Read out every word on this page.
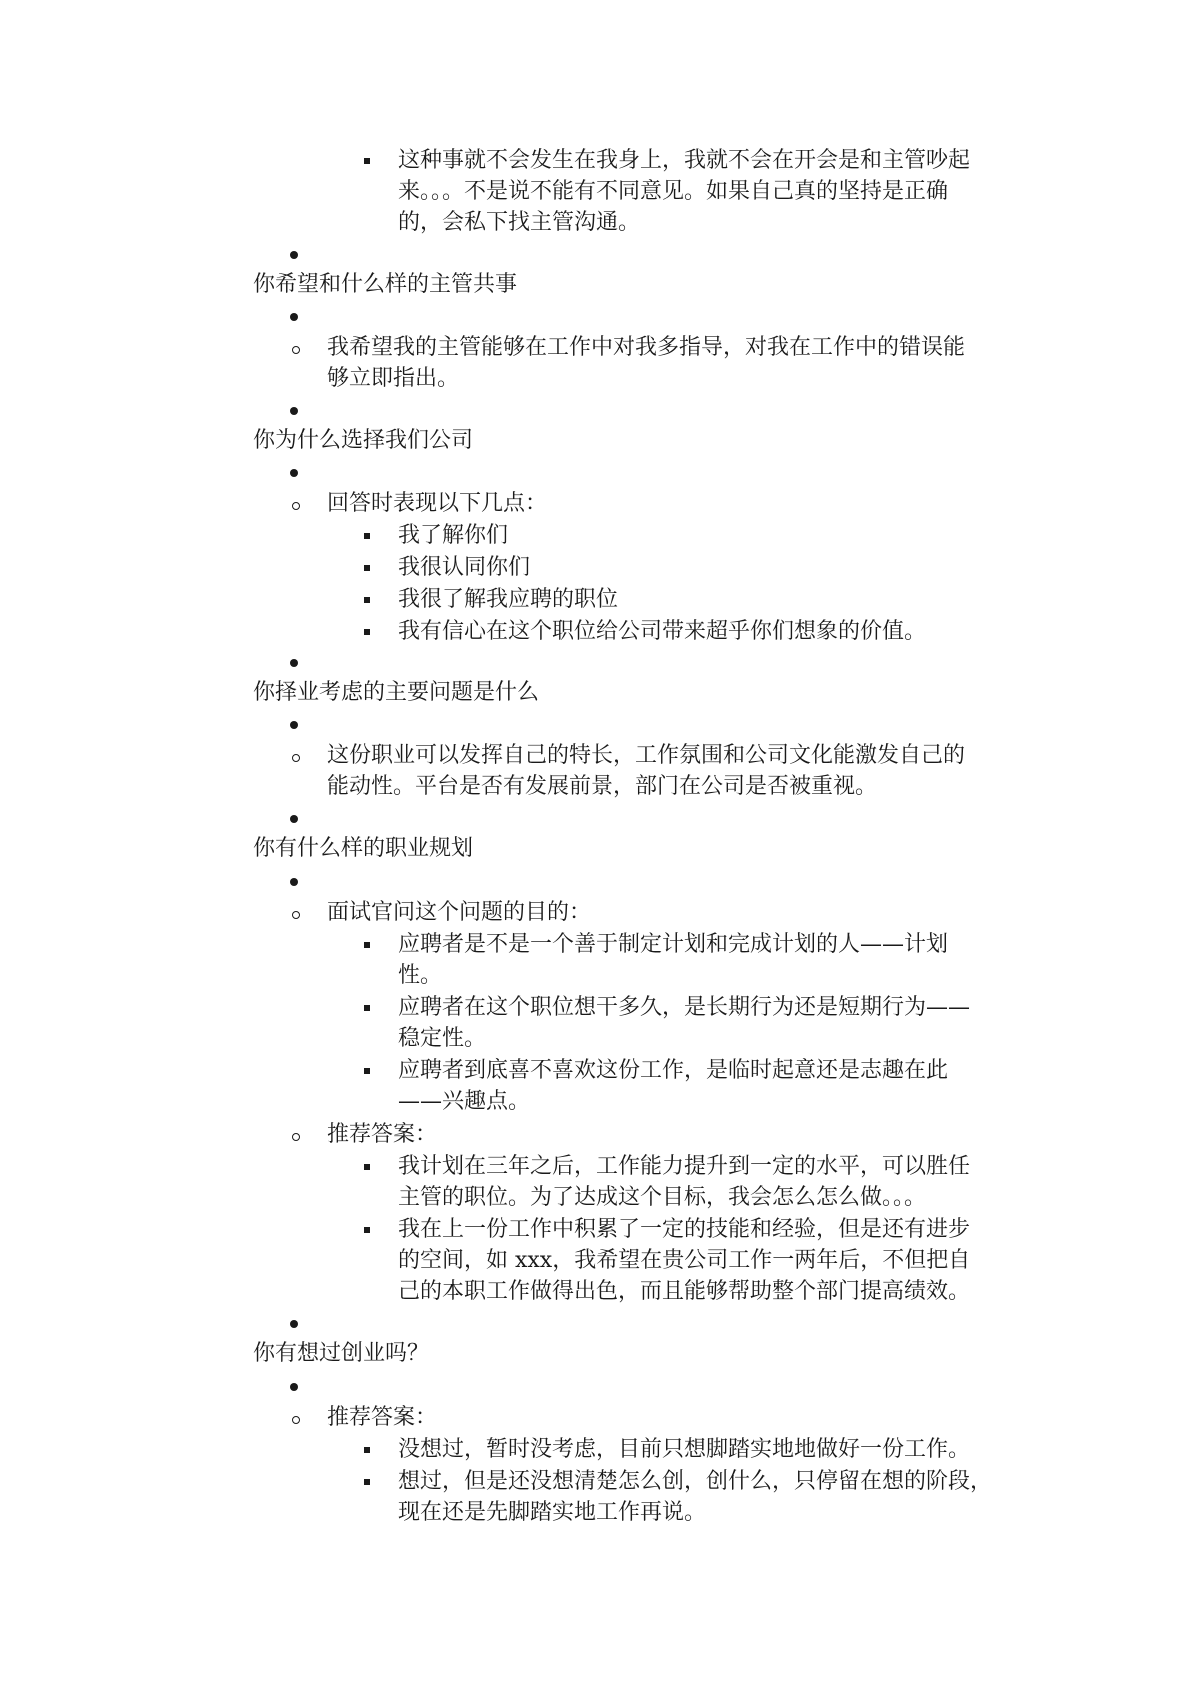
这种事就不会发生在我身上，我就不会在开会是和主管吵起
来。。。不是说不能有不同意见。如果自己真的坚持是正确
的，会私下找主管沟通。
你希望和什么样的主管共事
我希望我的主管能够在工作中对我多指导，对我在工作中的错误能
够立即指出。
你为什么选择我们公司
回答时表现以下几点：
我了解你们
我很认同你们
我很了解我应聘的职位
我有信心在这个职位给公司带来超乎你们想象的价值。
你择业考虑的主要问题是什么
这份职业可以发挥自己的特长，工作氛围和公司文化能激发自己的
能动性。平台是否有发展前景，部门在公司是否被重视。
你有什么样的职业规划
面试官问这个问题的目的：
应聘者是不是一个善于制定计划和完成计划的人——计划
性。
应聘者在这个职位想干多久，是长期行为还是短期行为——
稳定性。
应聘者到底喜不喜欢这份工作，是临时起意还是志趣在此
——兴趣点。
推荐答案：
我计划在三年之后，工作能力提升到一定的水平，可以胜任
主管的职位。为了达成这个目标，我会怎么怎么做。。。
我在上一份工作中积累了一定的技能和经验，但是还有进步
的空间，如 xxx，我希望在贵公司工作一两年后，不但把自
己的本职工作做得出色，而且能够帮助整个部门提高绩效。
你有想过创业吗？
推荐答案：
没想过，暂时没考虑，目前只想脚踏实地地做好一份工作。
想过，但是还没想清楚怎么创，创什么，只停留在想的阶段，
现在还是先脚踏实地工作再说。
